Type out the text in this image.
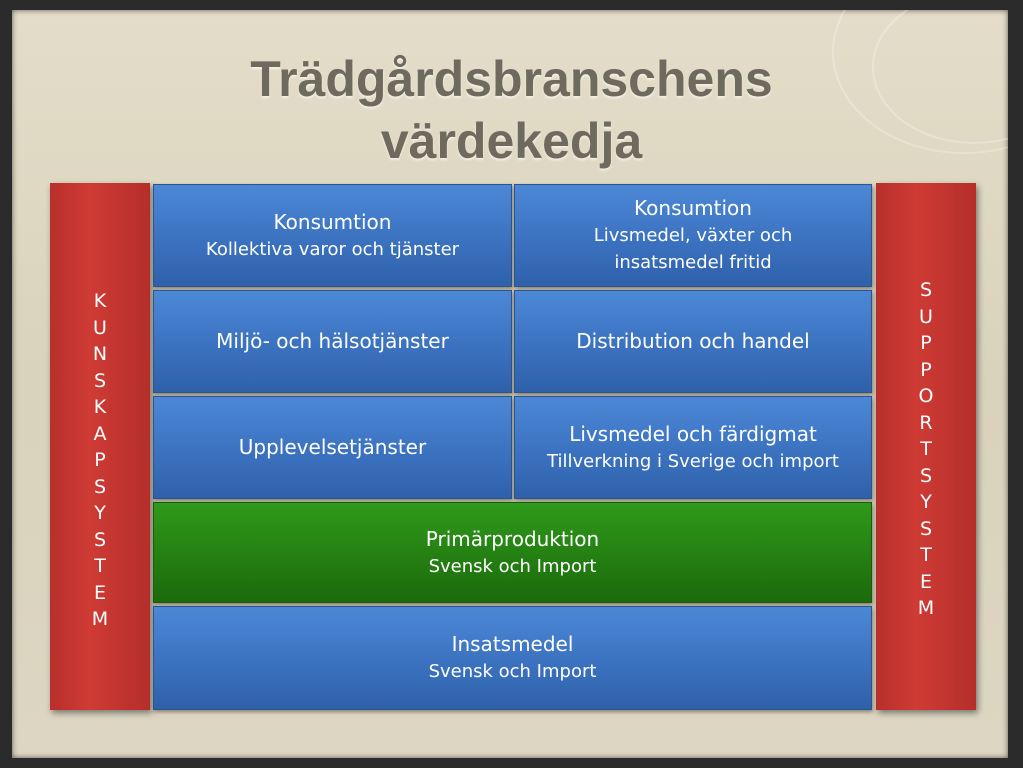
Trädgårdsbranschens
värdekedja
K
U
N
S
K
A
P
S
Y
S
T
E
M
S
U
P
P
O
R
T
S
Y
S
T
E
M
Konsumtion
Kollektiva varor och tjänster
Konsumtion
Livsmedel, växter och
insatsmedel fritid
Miljö- och hälsotjänster	Distribution och handel
Upplevelsetjänster
Livsmedel och färdigmat
Tillverkning i Sverige och import
Primärproduktion
Svensk och Import
Insatsmedel
Svensk och Import
